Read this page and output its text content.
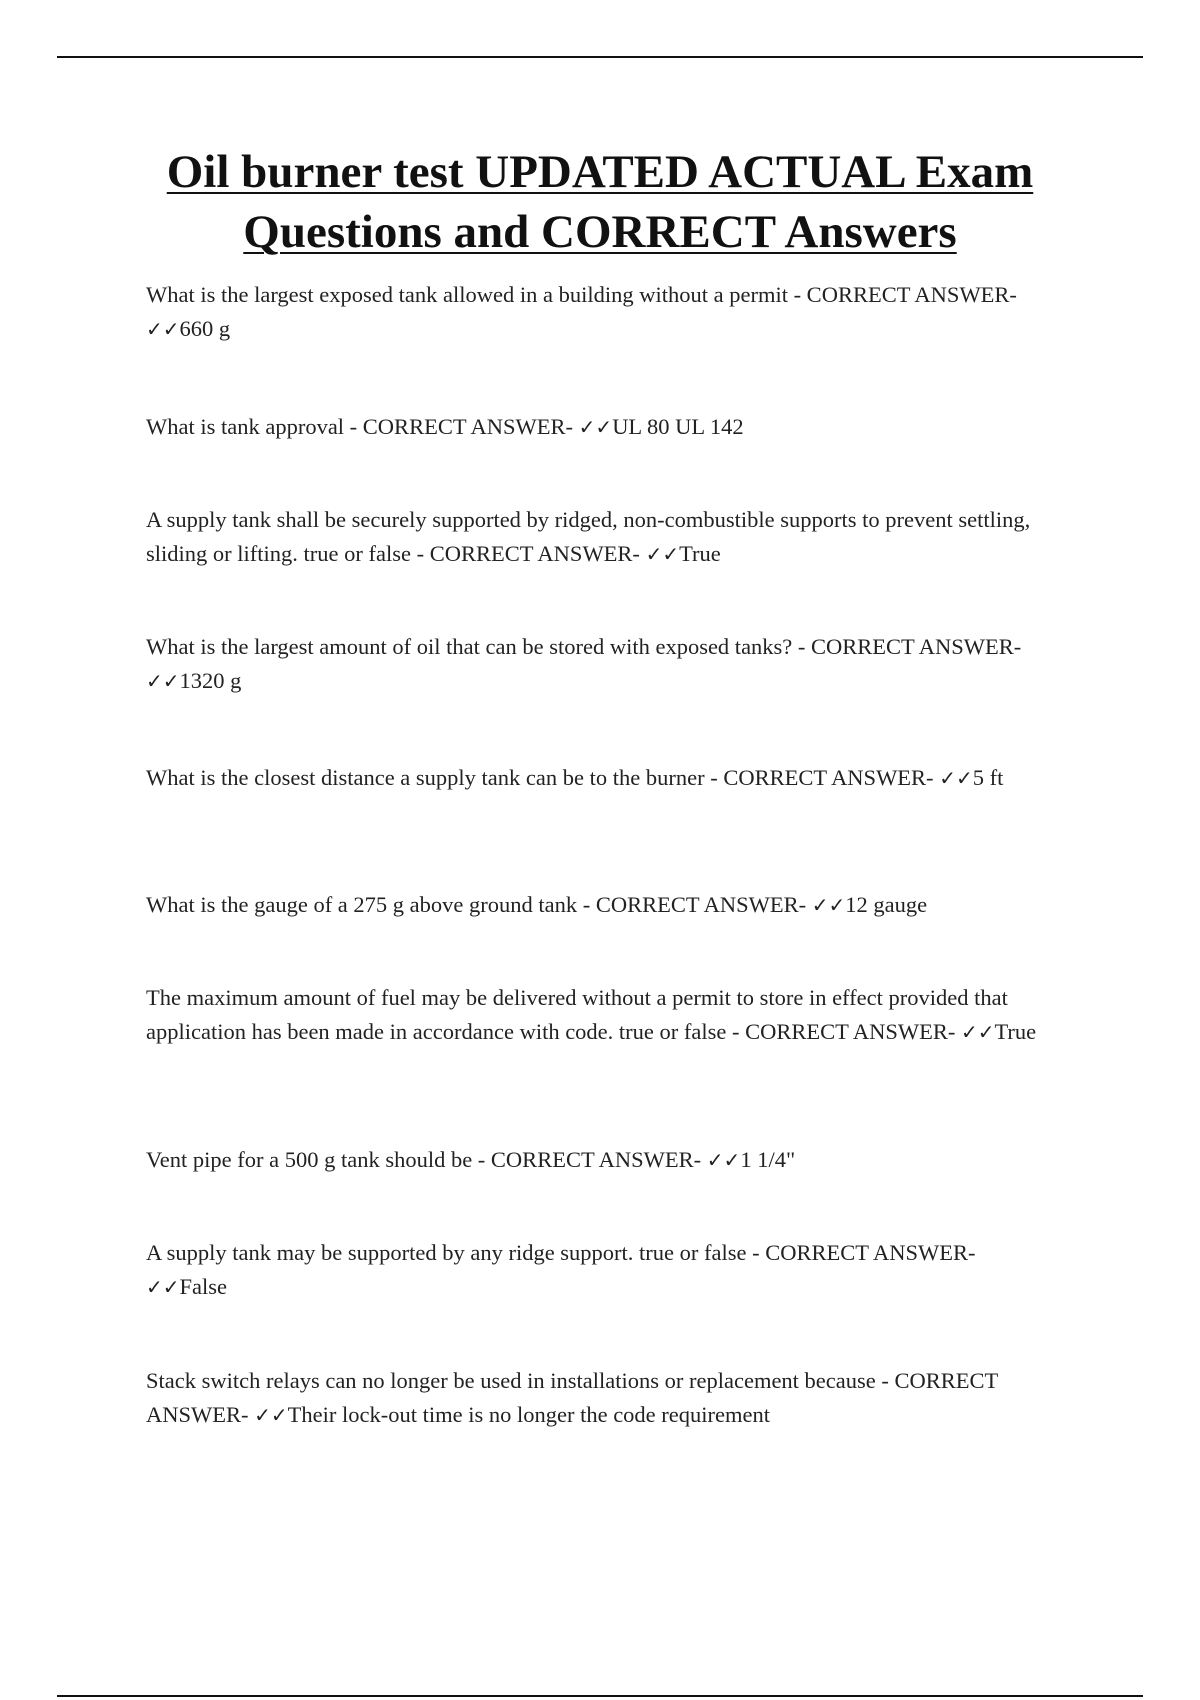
Oil burner test UPDATED ACTUAL Exam
Questions and CORRECT Answers

What is the largest exposed tank allowed in a building without a permit - CORRECT ANSWER- ✓✓660 g

What is tank approval - CORRECT ANSWER- ✓✓UL 80 UL 142

A supply tank shall be securely supported by ridged, non-combustible supports to prevent settling, sliding or lifting. true or false - CORRECT ANSWER- ✓✓True

What is the largest amount of oil that can be stored with exposed tanks? - CORRECT ANSWER- ✓✓1320 g

What is the closest distance a supply tank can be to the burner - CORRECT ANSWER- ✓✓5 ft

What is the gauge of a 275 g above ground tank - CORRECT ANSWER- ✓✓12 gauge

The maximum amount of fuel may be delivered without a permit to store in effect provided that application has been made in accordance with code. true or false - CORRECT ANSWER- ✓✓True

Vent pipe for a 500 g tank should be - CORRECT ANSWER- ✓✓1 1/4"

A supply tank may be supported by any ridge support. true or false - CORRECT ANSWER- ✓✓False

Stack switch relays can no longer be used in installations or replacement because - CORRECT ANSWER- ✓✓Their lock-out time is no longer the code requirement
